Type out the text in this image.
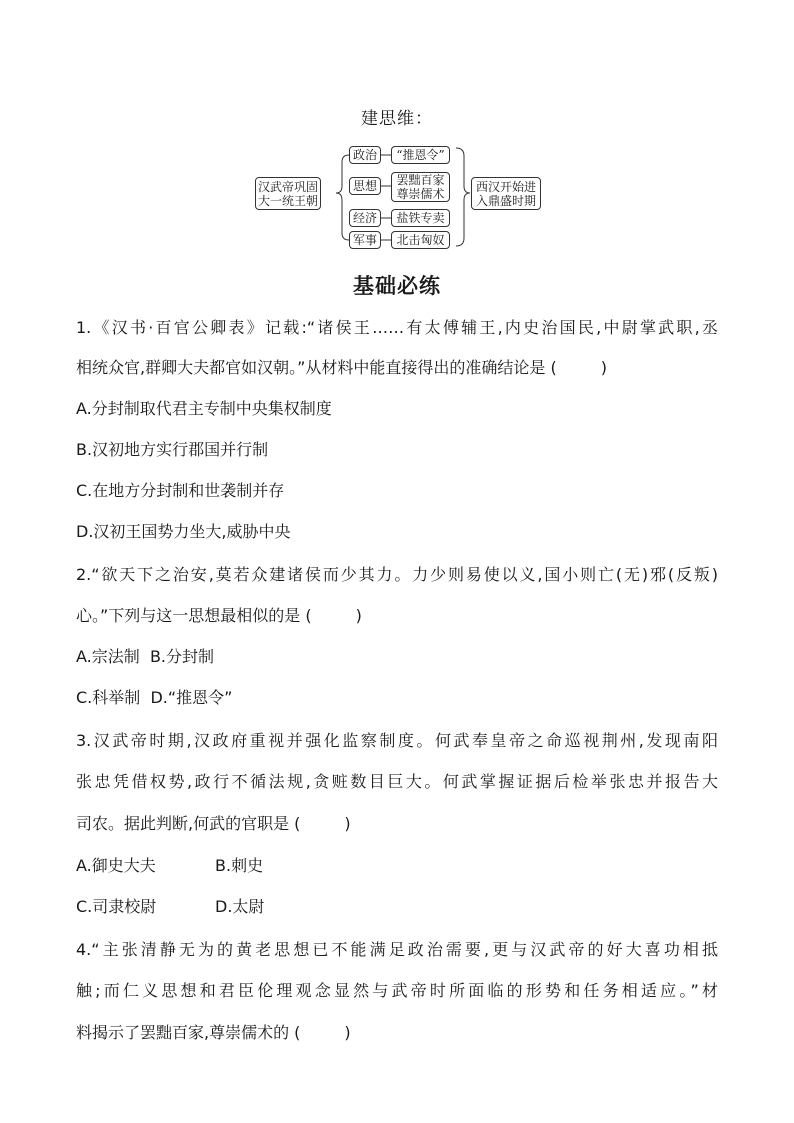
建思维：
汉武帝巩固
大一统王朝
政治
思想
经济
军事
“推恩令”
罢黜百家
尊崇儒术
盐铁专卖
北击匈奴
西汉开始进
入鼎盛时期
基础必练
1.《汉书·百官公卿表》记载:“诸侯王……有太傅辅王,内史治国民,中尉掌武职,丞
相统众官,群卿大夫都官如汉朝。”从材料中能直接得出的准确结论是 (	)
A.分封制取代君主专制中央集权制度
B.汉初地方实行郡国并行制
C.在地方分封制和世袭制并存
D.汉初王国势力坐大,威胁中央
2.“欲天下之治安,莫若众建诸侯而少其力。力少则易使以义,国小则亡(无)邪(反叛)
心。”下列与这一思想最相似的是 (	)
A.宗法制 B.分封制
C.科举制 D.“推恩令”
3.汉武帝时期,汉政府重视并强化监察制度。何武奉皇帝之命巡视荆州,发现南阳
张忠凭借权势,政行不循法规,贪赃数目巨大。何武掌握证据后检举张忠并报告大
司农。据此判断,何武的官职是 (	)
A.御史大夫	B.刺史
C.司隶校尉	D.太尉
4.“主张清静无为的黄老思想已不能满足政治需要,更与汉武帝的好大喜功相抵
触;而仁义思想和君臣伦理观念显然与武帝时所面临的形势和任务相适应。”材
料揭示了罢黜百家,尊崇儒术的 (	)
